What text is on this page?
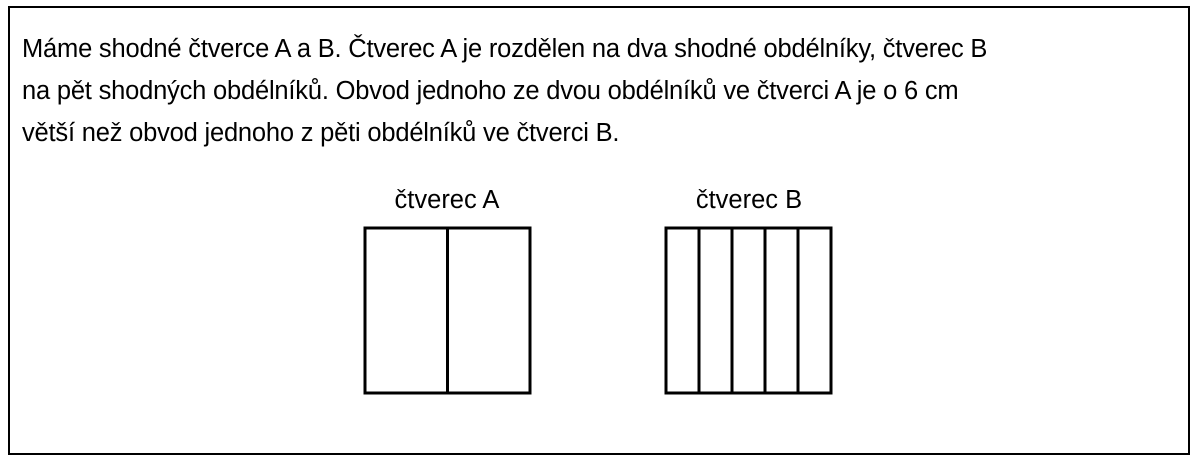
Máme shodné čtverce A a B. Čtverec A je rozdělen na dva shodné obdélníky, čtverec B
na pět shodných obdélníků. Obvod jednoho ze dvou obdélníků ve čtverci A je o 6 cm
větší než obvod jednoho z pěti obdélníků ve čtverci B.

čtverec A	čtverec B
